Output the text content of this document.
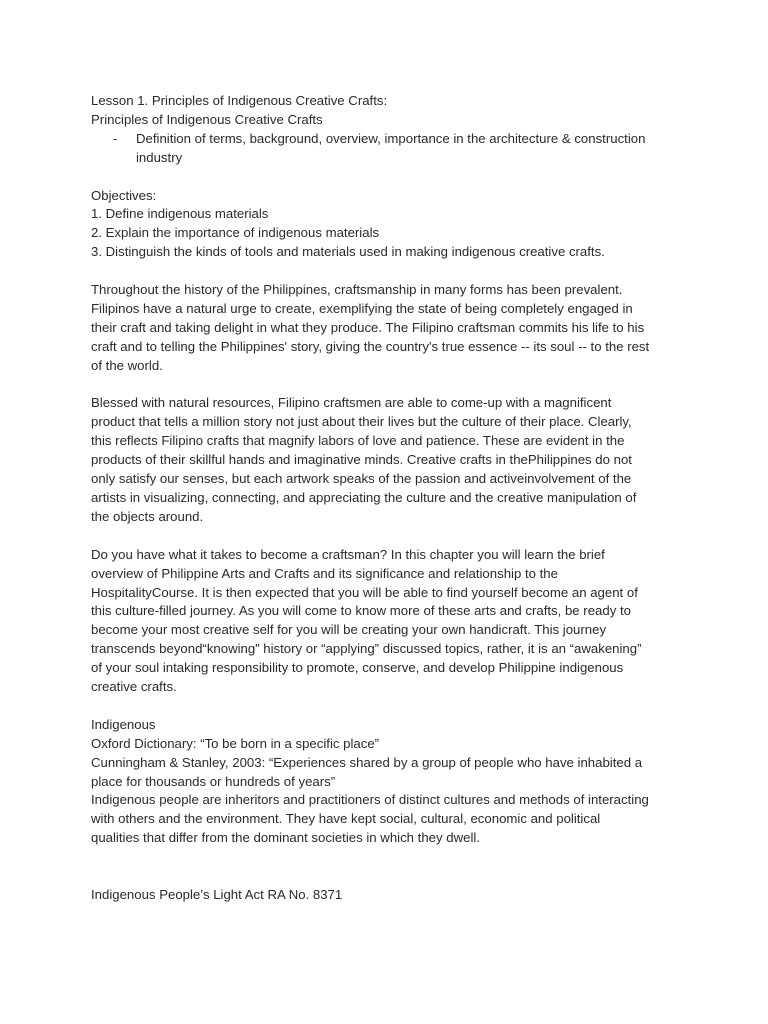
Lesson 1. Principles of Indigenous Creative Crafts:
Principles of Indigenous Creative Crafts
- Definition of terms, background, overview, importance in the architecture & construction
industry
Objectives:
1. Define indigenous materials
2. Explain the importance of indigenous materials
3. Distinguish the kinds of tools and materials used in making indigenous creative crafts.
Throughout the history of the Philippines, craftsmanship in many forms has been prevalent.
Filipinos have a natural urge to create, exemplifying the state of being completely engaged in
their craft and taking delight in what they produce. The Filipino craftsman commits his life to his
craft and to telling the Philippines' story, giving the country's true essence -- its soul -- to the rest
of the world.
Blessed with natural resources, Filipino craftsmen are able to come-up with a magnificent
product that tells a million story not just about their lives but the culture of their place. Clearly,
this reflects Filipino crafts that magnify labors of love and patience. These are evident in the
products of their skillful hands and imaginative minds. Creative crafts in thePhilippines do not
only satisfy our senses, but each artwork speaks of the passion and activeinvolvement of the
artists in visualizing, connecting, and appreciating the culture and the creative manipulation of
the objects around.
Do you have what it takes to become a craftsman? In this chapter you will learn the brief
overview of Philippine Arts and Crafts and its significance and relationship to the
HospitalityCourse. It is then expected that you will be able to find yourself become an agent of
this culture-filled journey. As you will come to know more of these arts and crafts, be ready to
become your most creative self for you will be creating your own handicraft. This journey
transcends beyond“knowing” history or “applying” discussed topics, rather, it is an “awakening”
of your soul intaking responsibility to promote, conserve, and develop Philippine indigenous
creative crafts.
Indigenous
Oxford Dictionary: “To be born in a specific place”
Cunningham & Stanley, 2003: “Experiences shared by a group of people who have inhabited a
place for thousands or hundreds of years”
Indigenous people are inheritors and practitioners of distinct cultures and methods of interacting
with others and the environment. They have kept social, cultural, economic and political
qualities that differ from the dominant societies in which they dwell.
Indigenous People’s Light Act RA No. 8371
